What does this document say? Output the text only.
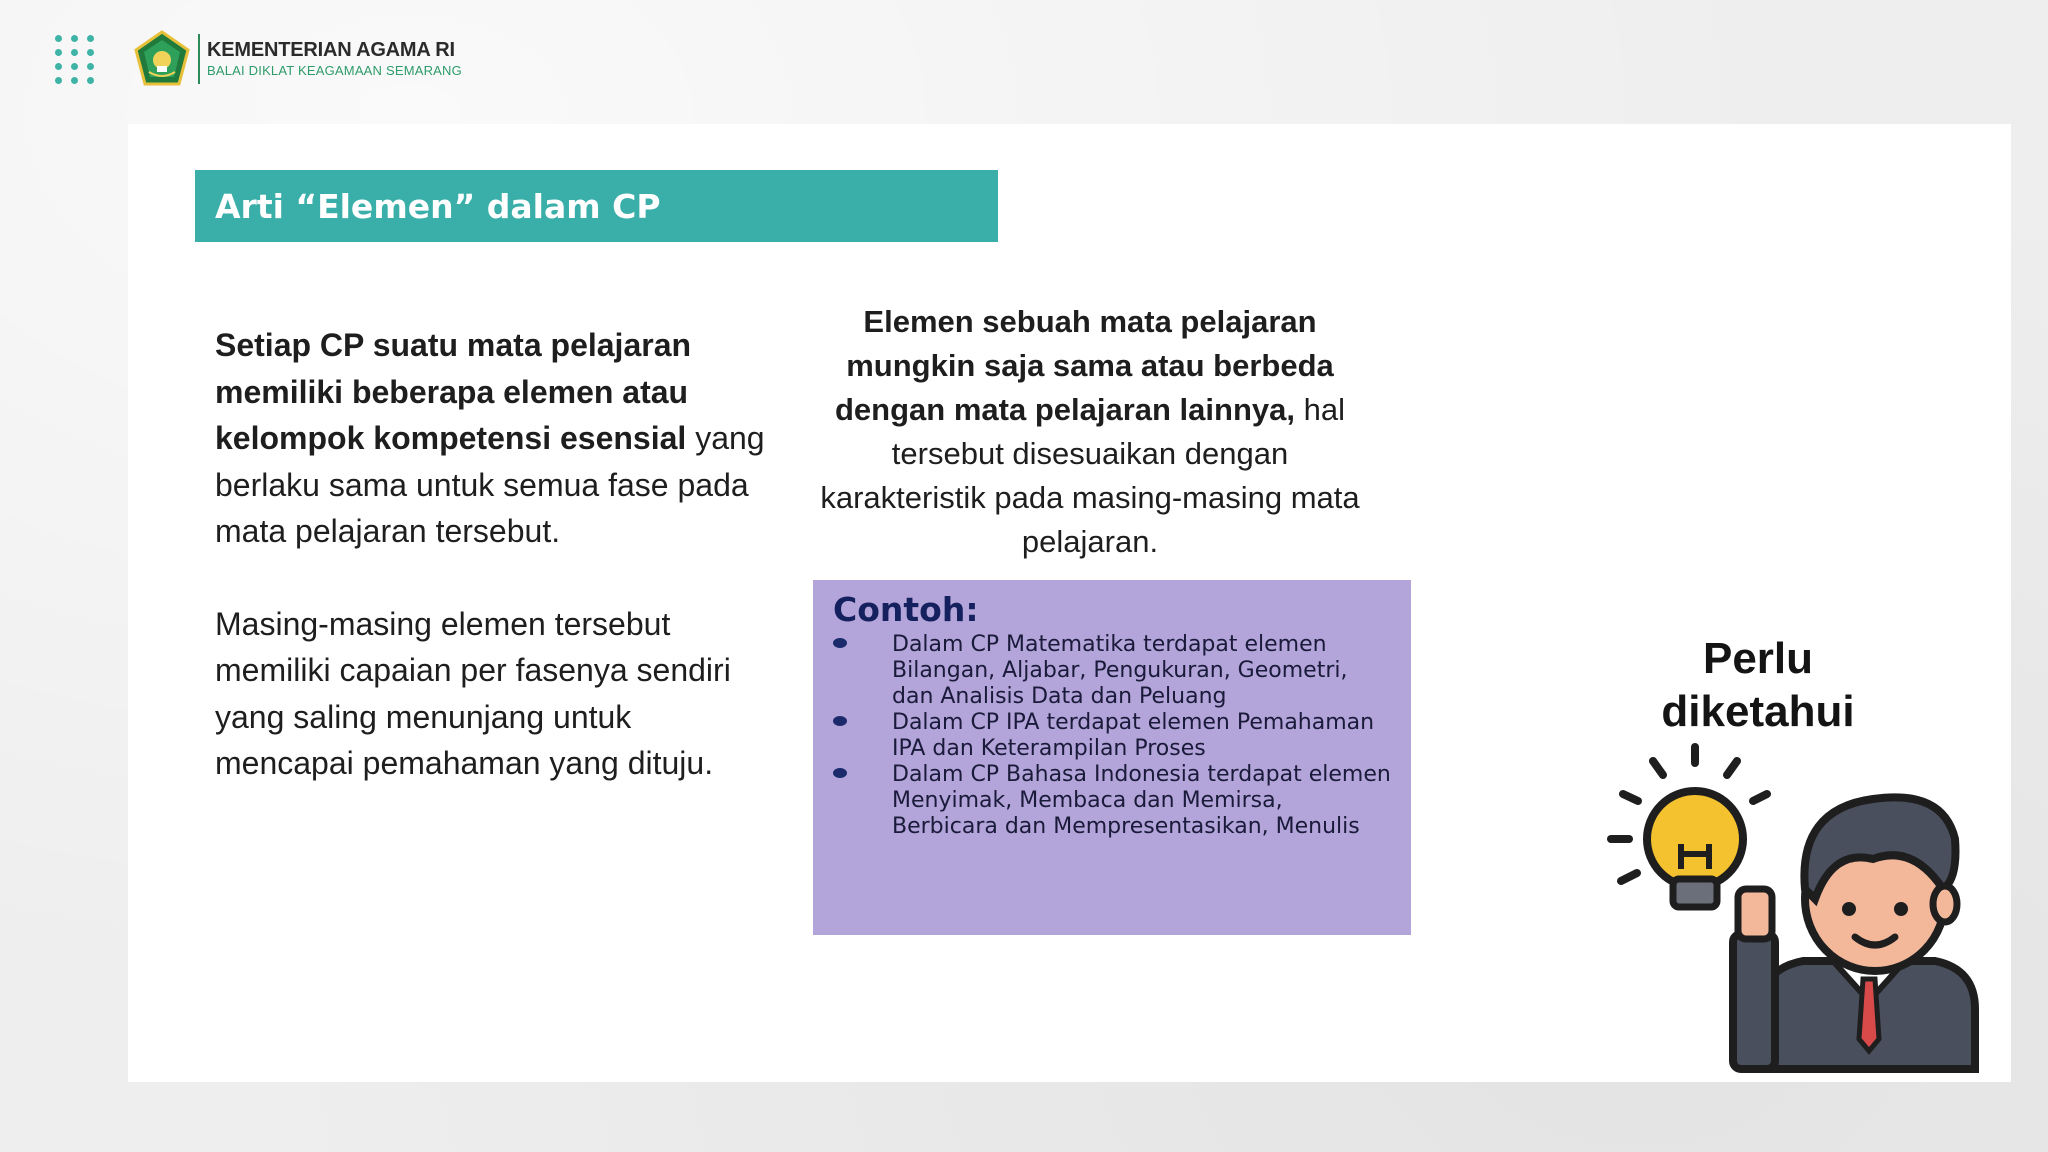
KEMENTERIAN AGAMA RI
BALAI DIKLAT KEAGAMAAN SEMARANG
Arti “Elemen” dalam CP

Setiap CP suatu mata pelajaran memiliki beberapa elemen atau kelompok kompetensi esensial yang berlaku sama untuk semua fase pada mata pelajaran tersebut.

Masing-masing elemen tersebut memiliki capaian per fasenya sendiri yang saling menunjang untuk mencapai pemahaman yang dituju.

Elemen sebuah mata pelajaran mungkin saja sama atau berbeda dengan mata pelajaran lainnya, hal tersebut disesuaikan dengan karakteristik pada masing-masing mata pelajaran.
Contoh:
Dalam CP Matematika terdapat elemen Bilangan, Aljabar, Pengukuran, Geometri, dan Analisis Data dan Peluang
Dalam CP IPA terdapat elemen Pemahaman IPA dan Keterampilan Proses
Dalam CP Bahasa Indonesia terdapat elemen Menyimak, Membaca dan Memirsa, Berbicara dan Mempresentasikan, Menulis
Perlu diketahui
